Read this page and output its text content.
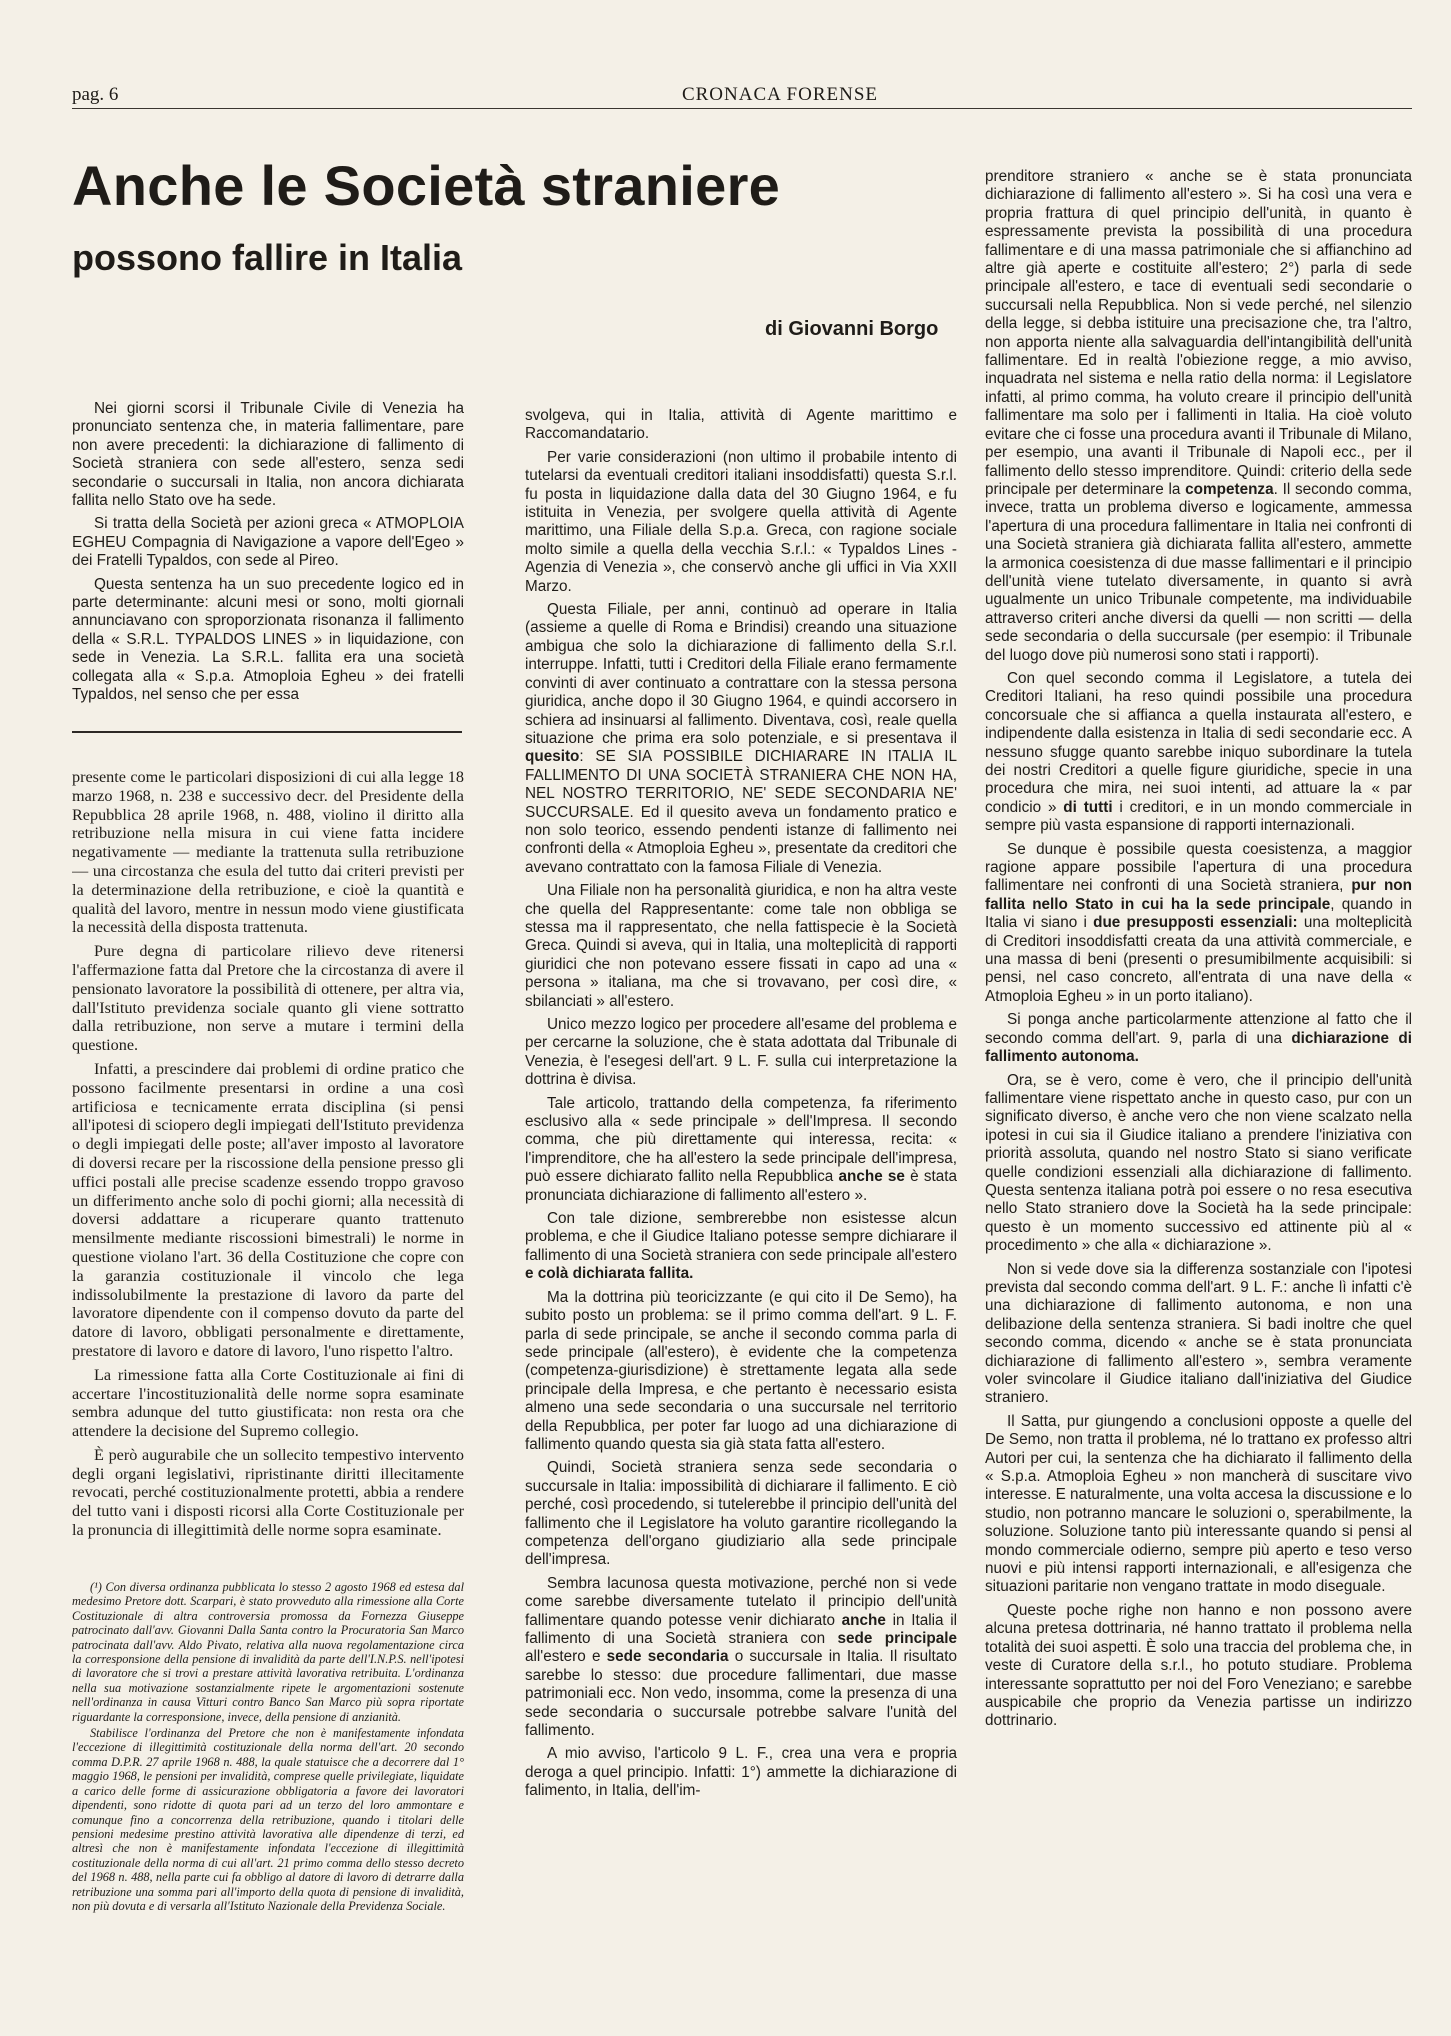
pag. 6	CRONACA FORENSE
Anche le Società straniere
possono fallire in Italia
di Giovanni Borgo

Nei giorni scorsi il Tribunale Civile di Venezia ha pronunciato sentenza che, in materia fallimentare, pare non avere precedenti: la dichiarazione di fallimento di Società straniera con sede all'estero, senza sedi secondarie o succursali in Italia, non ancora dichiarata fallita nello Stato ove ha sede.

Si tratta della Società per azioni greca « ATMOPLOIA EGHEU Compagnia di Navigazione a vapore dell'Egeo » dei Fratelli Typaldos, con sede al Pireo.

Questa sentenza ha un suo precedente logico ed in parte determinante: alcuni mesi or sono, molti giornali annunciavano con sproporzionata risonanza il fallimento della « S.R.L. TYPALDOS LINES » in liquidazione, con sede in Venezia. La S.R.L. fallita era una società collegata alla « S.p.a. Atmoploia Egheu » dei fratelli Typaldos, nel senso che per essa

presente come le particolari disposizioni di cui alla legge 18 marzo 1968, n. 238 e successivo decr. del Presidente della Repubblica 28 aprile 1968, n. 488, violino il diritto alla retribuzione nella misura in cui viene fatta incidere negativamente — mediante la trattenuta sulla retribuzione — una circostanza che esula del tutto dai criteri previsti per la determinazione della retribuzione, e cioè la quantità e qualità del lavoro, mentre in nessun modo viene giustificata la necessità della disposta trattenuta.

Pure degna di particolare rilievo deve ritenersi l'affermazione fatta dal Pretore che la circostanza di avere il pensionato lavoratore la possibilità di ottenere, per altra via, dall'Istituto previdenza sociale quanto gli viene sottratto dalla retribuzione, non serve a mutare i termini della questione.

Infatti, a prescindere dai problemi di ordine pratico che possono facilmente presentarsi in ordine a una così artificiosa e tecnicamente errata disciplina (si pensi all'ipotesi di sciopero degli impiegati dell'Istituto previdenza o degli impiegati delle poste; all'aver imposto al lavoratore di doversi recare per la riscossione della pensione presso gli uffici postali alle precise scadenze essendo troppo gravoso un differimento anche solo di pochi giorni; alla necessità di doversi addattare a ricuperare quanto trattenuto mensilmente mediante riscossioni bimestrali) le norme in questione violano l'art. 36 della Costituzione che copre con la garanzia costituzionale il vincolo che lega indissolubilmente la prestazione di lavoro da parte del lavoratore dipendente con il compenso dovuto da parte del datore di lavoro, obbligati personalmente e direttamente, prestatore di lavoro e datore di lavoro, l'uno rispetto l'altro.

La rimessione fatta alla Corte Costituzionale ai fini di accertare l'incostituzionalità delle norme sopra esaminate sembra adunque del tutto giustificata: non resta ora che attendere la decisione del Supremo collegio.

È però augurabile che un sollecito tempestivo intervento degli organi legislativi, ripristinante diritti illecitamente revocati, perché costituzionalmente protetti, abbia a rendere del tutto vani i disposti ricorsi alla Corte Costituzionale per la pronuncia di illegittimità delle norme sopra esaminate.

(¹) Con diversa ordinanza pubblicata lo stesso 2 agosto 1968 ed estesa dal medesimo Pretore dott. Scarpari, è stato provveduto alla rimessione alla Corte Costituzionale di altra controversia promossa da Fornezza Giuseppe patrocinato dall'avv. Giovanni Dalla Santa contro la Procuratoria San Marco patrocinata dall'avv. Aldo Pivato, relativa alla nuova regolamentazione circa la corresponsione della pensione di invalidità da parte dell'I.N.P.S. nell'ipotesi di lavoratore che si trovi a prestare attività lavorativa retribuita. L'ordinanza nella sua motivazione sostanzialmente ripete le argomentazioni sostenute nell'ordinanza in causa Vitturi contro Banco San Marco più sopra riportate riguardante la corresponsione, invece, della pensione di anzianità.

Stabilisce l'ordinanza del Pretore che non è manifestamente infondata l'eccezione di illegittimità costituzionale della norma dell'art. 20 secondo comma D.P.R. 27 aprile 1968 n. 488, la quale statuisce che a decorrere dal 1° maggio 1968, le pensioni per invalidità, comprese quelle privilegiate, liquidate a carico delle forme di assicurazione obbligatoria a favore dei lavoratori dipendenti, sono ridotte di quota pari ad un terzo del loro ammontare e comunque fino a concorrenza della retribuzione, quando i titolari delle pensioni medesime prestino attività lavorativa alle dipendenze di terzi, ed altresì che non è manifestamente infondata l'eccezione di illegittimità costituzionale della norma di cui all'art. 21 primo comma dello stesso decreto del 1968 n. 488, nella parte cui fa obbligo al datore di lavoro di detrarre dalla retribuzione una somma pari all'importo della quota di pensione di invalidità, non più dovuta e di versarla all'Istituto Nazionale della Previdenza Sociale.

svolgeva, qui in Italia, attività di Agente marittimo e Raccomandatario.

Per varie considerazioni (non ultimo il probabile intento di tutelarsi da eventuali creditori italiani insoddisfatti) questa S.r.l. fu posta in liquidazione dalla data del 30 Giugno 1964, e fu istituita in Venezia, per svolgere quella attività di Agente marittimo, una Filiale della S.p.a. Greca, con ragione sociale molto simile a quella della vecchia S.r.l.: « Typaldos Lines - Agenzia di Venezia », che conservò anche gli uffici in Via XXII Marzo.

Questa Filiale, per anni, continuò ad operare in Italia (assieme a quelle di Roma e Brindisi) creando una situazione ambigua che solo la dichiarazione di fallimento della S.r.l. interruppe. Infatti, tutti i Creditori della Filiale erano fermamente convinti di aver continuato a contrattare con la stessa persona giuridica, anche dopo il 30 Giugno 1964, e quindi accorsero in schiera ad insinuarsi al fallimento. Diventava, così, reale quella situazione che prima era solo potenziale, e si presentava il quesito: SE SIA POSSIBILE DICHIARARE IN ITALIA IL FALLIMENTO DI UNA SOCIETÀ STRANIERA CHE NON HA, NEL NOSTRO TERRITORIO, NE' SEDE SECONDARIA NE' SUCCURSALE. Ed il quesito aveva un fondamento pratico e non solo teorico, essendo pendenti istanze di fallimento nei confronti della « Atmoploia Egheu », presentate da creditori che avevano contrattato con la famosa Filiale di Venezia.

Una Filiale non ha personalità giuridica, e non ha altra veste che quella del Rappresentante: come tale non obbliga se stessa ma il rappresentato, che nella fattispecie è la Società Greca. Quindi si aveva, qui in Italia, una molteplicità di rapporti giuridici che non potevano essere fissati in capo ad una « persona » italiana, ma che si trovavano, per così dire, « sbilanciati » all'estero.

Unico mezzo logico per procedere all'esame del problema e per cercarne la soluzione, che è stata adottata dal Tribunale di Venezia, è l'esegesi dell'art. 9 L. F. sulla cui interpretazione la dottrina è divisa.

Tale articolo, trattando della competenza, fa riferimento esclusivo alla « sede principale » dell'Impresa. Il secondo comma, che più direttamente qui interessa, recita: « l'imprenditore, che ha all'estero la sede principale dell'impresa, può essere dichiarato fallito nella Repubblica anche se è stata pronunciata dichiarazione di fallimento all'estero ».

Con tale dizione, sembrerebbe non esistesse alcun problema, e che il Giudice Italiano potesse sempre dichiarare il fallimento di una Società straniera con sede principale all'estero e colà dichiarata fallita.

Ma la dottrina più teoricizzante (e qui cito il De Semo), ha subito posto un problema: se il primo comma dell'art. 9 L. F. parla di sede principale, se anche il secondo comma parla di sede principale (all'estero), è evidente che la competenza (competenza-giurisdizione) è strettamente legata alla sede principale della Impresa, e che pertanto è necessario esista almeno una sede secondaria o una succursale nel territorio della Repubblica, per poter far luogo ad una dichiarazione di fallimento quando questa sia già stata fatta all'estero.

Quindi, Società straniera senza sede secondaria o succursale in Italia: impossibilità di dichiarare il fallimento. E ciò perché, così procedendo, si tutelerebbe il principio dell'unità del fallimento che il Legislatore ha voluto garantire ricollegando la competenza dell'organo giudiziario alla sede principale dell'impresa.

Sembra lacunosa questa motivazione, perché non si vede come sarebbe diversamente tutelato il principio dell'unità fallimentare quando potesse venir dichiarato anche in Italia il fallimento di una Società straniera con sede principale all'estero e sede secondaria o succursale in Italia. Il risultato sarebbe lo stesso: due procedure fallimentari, due masse patrimoniali ecc. Non vedo, insomma, come la presenza di una sede secondaria o succursale potrebbe salvare l'unità del fallimento.

A mio avviso, l'articolo 9 L. F., crea una vera e propria deroga a quel principio. Infatti: 1°) ammette la dichiarazione di falimento, in Italia, dell'im-

prenditore straniero « anche se è stata pronunciata dichiarazione di fallimento all'estero ». Si ha così una vera e propria frattura di quel principio dell'unità, in quanto è espressamente prevista la possibilità di una procedura fallimentare e di una massa patrimoniale che si affianchino ad altre già aperte e costituite all'estero; 2°) parla di sede principale all'estero, e tace di eventuali sedi secondarie o succursali nella Repubblica. Non si vede perché, nel silenzio della legge, si debba istituire una precisazione che, tra l'altro, non apporta niente alla salvaguardia dell'intangibilità dell'unità fallimentare. Ed in realtà l'obiezione regge, a mio avviso, inquadrata nel sistema e nella ratio della norma: il Legislatore infatti, al primo comma, ha voluto creare il principio dell'unità fallimentare ma solo per i fallimenti in Italia. Ha cioè voluto evitare che ci fosse una procedura avanti il Tribunale di Milano, per esempio, una avanti il Tribunale di Napoli ecc., per il fallimento dello stesso imprenditore. Quindi: criterio della sede principale per determinare la competenza. Il secondo comma, invece, tratta un problema diverso e logicamente, ammessa l'apertura di una procedura fallimentare in Italia nei confronti di una Società straniera già dichiarata fallita all'estero, ammette la armonica coesistenza di due masse fallimentari e il principio dell'unità viene tutelato diversamente, in quanto si avrà ugualmente un unico Tribunale competente, ma individuabile attraverso criteri anche diversi da quelli — non scritti — della sede secondaria o della succursale (per esempio: il Tribunale del luogo dove più numerosi sono stati i rapporti).

Con quel secondo comma il Legislatore, a tutela dei Creditori Italiani, ha reso quindi possibile una procedura concorsuale che si affianca a quella instaurata all'estero, e indipendente dalla esistenza in Italia di sedi secondarie ecc. A nessuno sfugge quanto sarebbe iniquo subordinare la tutela dei nostri Creditori a quelle figure giuridiche, specie in una procedura che mira, nei suoi intenti, ad attuare la « par condicio » di tutti i creditori, e in un mondo commerciale in sempre più vasta espansione di rapporti internazionali.

Se dunque è possibile questa coesistenza, a maggior ragione appare possibile l'apertura di una procedura fallimentare nei confronti di una Società straniera, pur non fallita nello Stato in cui ha la sede principale, quando in Italia vi siano i due presupposti essenziali: una molteplicità di Creditori insoddisfatti creata da una attività commerciale, e una massa di beni (presenti o presumibilmente acquisibili: si pensi, nel caso concreto, all'entrata di una nave della « Atmoploia Egheu » in un porto italiano).

Si ponga anche particolarmente attenzione al fatto che il secondo comma dell'art. 9, parla di una dichiarazione di fallimento autonoma.

Ora, se è vero, come è vero, che il principio dell'unità fallimentare viene rispettato anche in questo caso, pur con un significato diverso, è anche vero che non viene scalzato nella ipotesi in cui sia il Giudice italiano a prendere l'iniziativa con priorità assoluta, quando nel nostro Stato si siano verificate quelle condizioni essenziali alla dichiarazione di fallimento. Questa sentenza italiana potrà poi essere o no resa esecutiva nello Stato straniero dove la Società ha la sede principale: questo è un momento successivo ed attinente più al « procedimento » che alla « dichiarazione ».

Non si vede dove sia la differenza sostanziale con l'ipotesi prevista dal secondo comma dell'art. 9 L. F.: anche lì infatti c'è una dichiarazione di fallimento autonoma, e non una delibazione della sentenza straniera. Si badi inoltre che quel secondo comma, dicendo « anche se è stata pronunciata dichiarazione di fallimento all'estero », sembra veramente voler svincolare il Giudice italiano dall'iniziativa del Giudice straniero.

Il Satta, pur giungendo a conclusioni opposte a quelle del De Semo, non tratta il problema, né lo trattano ex professo altri Autori per cui, la sentenza che ha dichiarato il fallimento della « S.p.a. Atmoploia Egheu » non mancherà di suscitare vivo interesse. E naturalmente, una volta accesa la discussione e lo studio, non potranno mancare le soluzioni o, sperabilmente, la soluzione. Soluzione tanto più interessante quando si pensi al mondo commerciale odierno, sempre più aperto e teso verso nuovi e più intensi rapporti internazionali, e all'esigenza che situazioni paritarie non vengano trattate in modo diseguale.

Queste poche righe non hanno e non possono avere alcuna pretesa dottrinaria, né hanno trattato il problema nella totalità dei suoi aspetti. È solo una traccia del problema che, in veste di Curatore della s.r.l., ho potuto studiare. Problema interessante soprattutto per noi del Foro Veneziano; e sarebbe auspicabile che proprio da Venezia partisse un indirizzo dottrinario.
